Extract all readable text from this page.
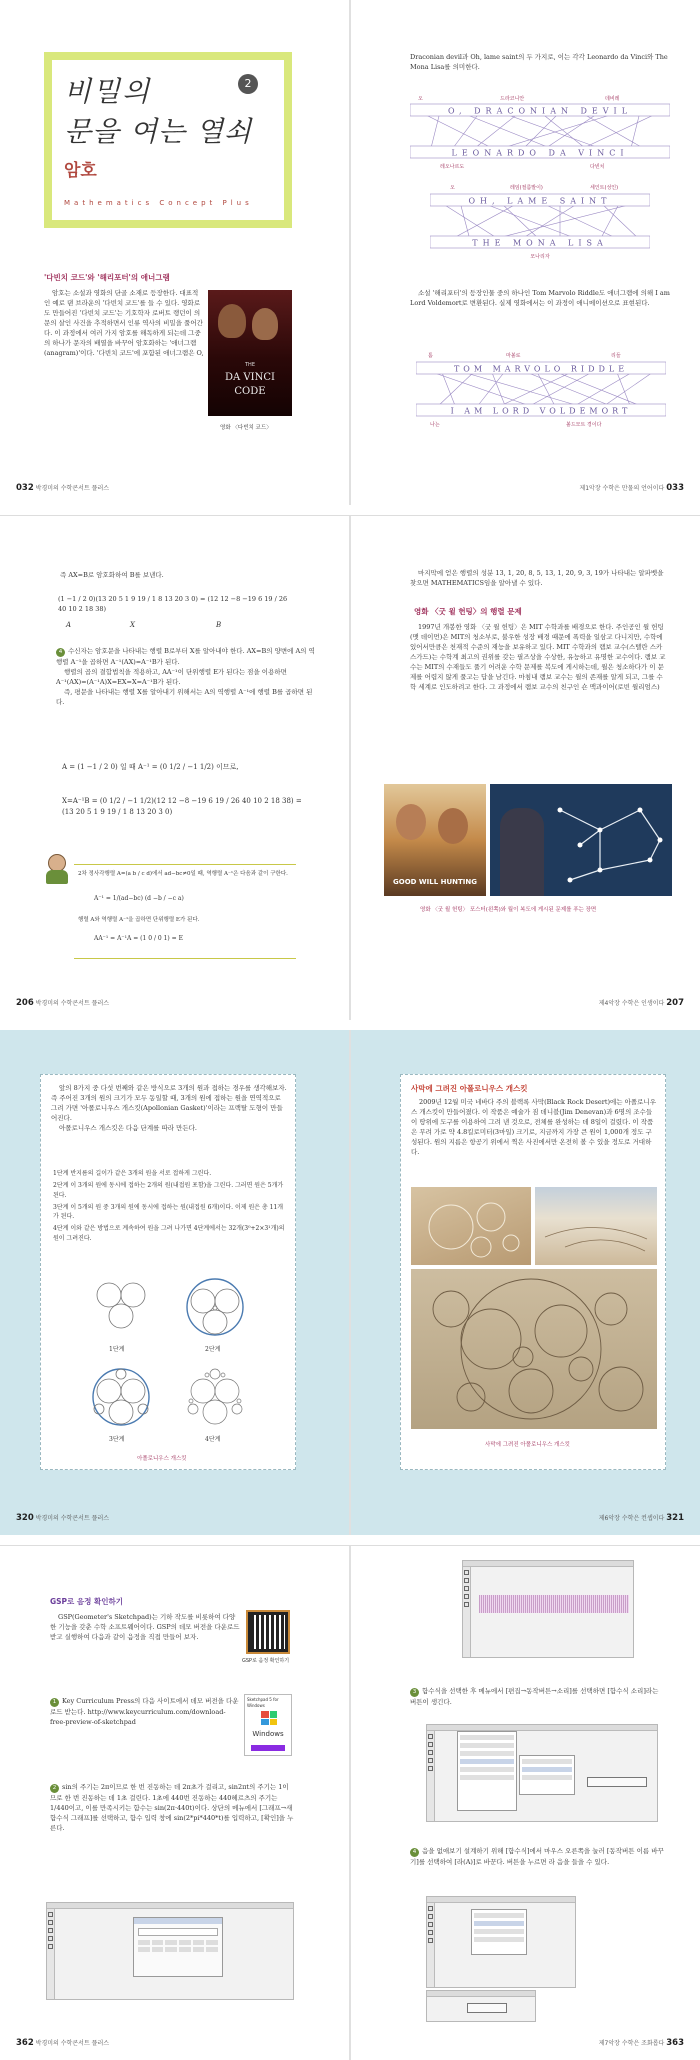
비밀의	2
문을 여는 열쇠
암호
Mathematics Concept Plus
'다빈치 코드'와 '해리포터'의 애너그램

암호는 소설과 영화의 단골 소재로 등장한다. 대표적인 예로 댄 브라운의 '다빈치 코드'를 들 수 있다. 영화로도 만들어진 '다빈치 코드'는 기호학자 로버트 랭던이 의문의 살인 사건을 추적하면서 인류 역사의 비밀을 풀어간다. 이 과정에서 여러 가지 암호를 해독하게 되는데 그중의 하나가 문자의 배열을 바꾸어 암호화하는 '애너그램(anagram)'이다. '다빈치 코드'에 포함된 애너그램은 O,

THE
DA VINCI
CODE
영화 〈다빈치 코드〉
032 박경미의 수학콘서트 플러스

Draconian devil과 Oh, lame saint의 두 가지로, 이는 각각 Leonardo da Vinci와 The Mona Lisa를 의미한다.

O, DRACONIAN DEVIL
LEONARDO DA VINCI
오	드라코니안	데비레
레오나르도	다빈치
OH, LAME SAINT
THE MONA LISA
오	레임(절름발이)	세인트(성인)
모나리자

소설 '해리포터'의 등장인물 중의 하나인 Tom Marvolo Riddle도 애너그램에 의해 I am Lord Voldemort로 변환된다. 실제 영화에서는 이 과정이 애니메이션으로 표현된다.

TOM MARVOLO RIDDLE
I AM LORD VOLDEMORT
톰	마볼로	리들
나는	볼드모트 경이다
제1악장 수학은 만물의 언어이다 033
즉 AX=B로 암호화하여 B를 보낸다.
(1 −1 / 2 0)(13 20 5 1 9 19 / 1 8 13 20 3 0) = (12 12 −8 −19 6 19 / 26 40 10 2 18 38)
A	X	B

4 수신자는 암호문을 나타내는 행렬 B로부터 X를 알아내야 한다. AX=B의 양변에 A의 역행렬 A⁻¹을 곱하면 A⁻¹(AX)=A⁻¹B가 된다.

행렬의 곱의 결합법칙을 적용하고, AA⁻¹이 단위행렬 E가 된다는 점을 이용하면 A⁻¹(AX)=(A⁻¹A)X=EX=X=A⁻¹B가 된다.

즉, 평문을 나타내는 행렬 X를 알아내기 위해서는 A의 역행렬 A⁻¹에 행렬 B를 곱하면 된다.

A = (1 −1 / 2 0) 일 때 A⁻¹ = (0 1/2 / −1 1/2) 이므로,
X=A⁻¹B = (0 1/2 / −1 1/2)(12 12 −8 −19 6 19 / 26 40 10 2 18 38) = (13 20 5 1 9 19 / 1 8 13 20 3 0)
2차 정사각행렬 A=(a b / c d)에서 ad−bc≠0일 때, 역행렬 A⁻¹은 다음과 같이 구한다.
A⁻¹ = 1/(ad−bc) (d −b / −c a)
행렬 A와 역행렬 A⁻¹을 곱하면 단위행렬 E가 된다.
AA⁻¹ = A⁻¹A = (1 0 / 0 1) = E
206 박경미의 수학콘서트 플러스

마지막에 얻은 행렬의 성분 13, 1, 20, 8, 5, 13, 1, 20, 9, 3, 19가 나타내는 알파벳을 찾으면 MATHEMATICS임을 알아낼 수 있다.

영화 〈굿 윌 헌팅〉의 행렬 문제

1997년 개봉한 영화 〈굿 윌 헌팅〉은 MIT 수학과를 배경으로 한다. 주인공인 윌 헌팅(맷 데이먼)은 MIT의 청소부로, 불우한 성장 배경 때문에 폭력을 일삼고 다니지만, 수학에 있어서만큼은 천재적 수준의 재능을 보유하고 있다. MIT 수학과의 램보 교수(스텔란 스카스가드)는 수학계 최고의 권위를 갖는 필즈상을 수상한, 유능하고 유명한 교수이다. 램보 교수는 MIT의 수재들도 풀기 어려운 수학 문제를 복도에 게시하는데, 윌은 청소하다가 이 문제를 어렵지 않게 풀고는 답을 남긴다. 마침내 램보 교수는 윌의 존재를 알게 되고, 그를 수학 세계로 인도하려고 한다. 그 과정에서 램보 교수의 친구인 숀 맥과이어(로빈 윌리엄스)

GOOD WILL HUNTING
영화 〈굿 윌 헌팅〉 포스터(왼쪽)와 월이 복도에 게시된 문제를 푸는 장면
제4악장 수학은 인생이다 207

앞의 8가지 중 다섯 번째와 같은 방식으로 3개의 원과 접하는 경우를 생각해보자. 즉 주어진 3개의 원의 크기가 모두 동일할 때, 3개의 원에 접하는 원을 연역적으로 그려 가면 '아폴로니우스 개스킷(Apollonian Gasket)'이라는 프랙탈 도형이 만들어진다.

아폴로니우스 개스킷은 다음 단계를 따라 만든다.

1단계 반지름의 길이가 같은 3개의 원을 서로 접하게 그린다.
2단계 이 3개의 원에 동시에 접하는 2개의 원(내접원 포함)을 그린다. 그러면 원은 5개가 된다.
3단계 이 5개의 원 중 3개의 원에 동시에 접하는 원(내접원 6개)이다. 이제 원은 총 11개가 된다.
4단계 이와 같은 방법으로 계속하여 원을 그려 나가면 4단계에서는 32개(3⁰+2×3¹개)의 원이 그려진다.
1단계	2단계
3단계	4단계
아폴로니우스 개스킷
320 박경미의 수학콘서트 플러스
사막에 그려진 아폴로니우스 개스킷

2009년 12월 미국 네바다 주의 블랙록 사막(Black Rock Desert)에는 아폴로니우스 개스킷이 만들어졌다. 이 작품은 예술가 짐 데니블(Jim Denevan)과 6명의 조수들이 땅위에 도구를 이용하여 그려 낸 것으로, 전체를 완성하는 데 8일이 걸렸다. 이 작품은 무려 가로 약 4.8킬로미터(3마일) 크기로, 지금까지 가장 큰 원이 1,000개 정도 구성된다. 원의 지름은 항공기 위에서 찍은 사진에서만 온전히 볼 수 있을 정도로 거대하다.

사막에 그려진 아폴로니우스 개스킷
제6악장 수학은 컨셉이다 321
GSP로 음정 확인하기

GSP(Geometer's Sketchpad)는 기하 작도를 비롯하여 다양한 기능을 갖춘 수학 소프트웨어이다. GSP의 데모 버전을 다운로드 받고 실행하여 다음과 같이 음정을 직접 만들어 보자.

GSP로 음정 확인하기

1 Key Curriculum Press의 다음 사이트에서 데모 버전을 다운로드 받는다. http://www.keycurriculum.com/download-free-preview-of-sketchpad

Sketchpad 5 for Windows
Windows

2 sin의 주기는 2π이므로 한 번 진동하는 데 2π초가 걸리고, sin2πt의 주기는 1이므로 한 번 진동하는 데 1초 걸린다. 1초에 440번 진동하는 440헤르츠의 주기는 1/440이고, 이를 만족시키는 함수는 sin(2π·440t)이다. 상단의 메뉴에서 [그래프→새 함수식 그래프]를 선택하고, 함수 입력 창에 sin(2*pi*440*t)를 입력하고, [확인]을 누른다.

362 박경미의 수학콘서트 플러스

3 함수식을 선택한 후 메뉴에서 [편집→동작버튼→소리]를 선택하면 [함수식 소리]라는 버튼이 생긴다.

4 음을 없애보기 설계하기 위해 [함수식]에서 마우스 오른쪽을 눌러 [동작버튼 이름 바꾸기]를 선택하여 [라(A)]로 바꾼다. 버튼을 누르면 라 음을 들을 수 있다.

제7악장 수학은 조화롭다 363
